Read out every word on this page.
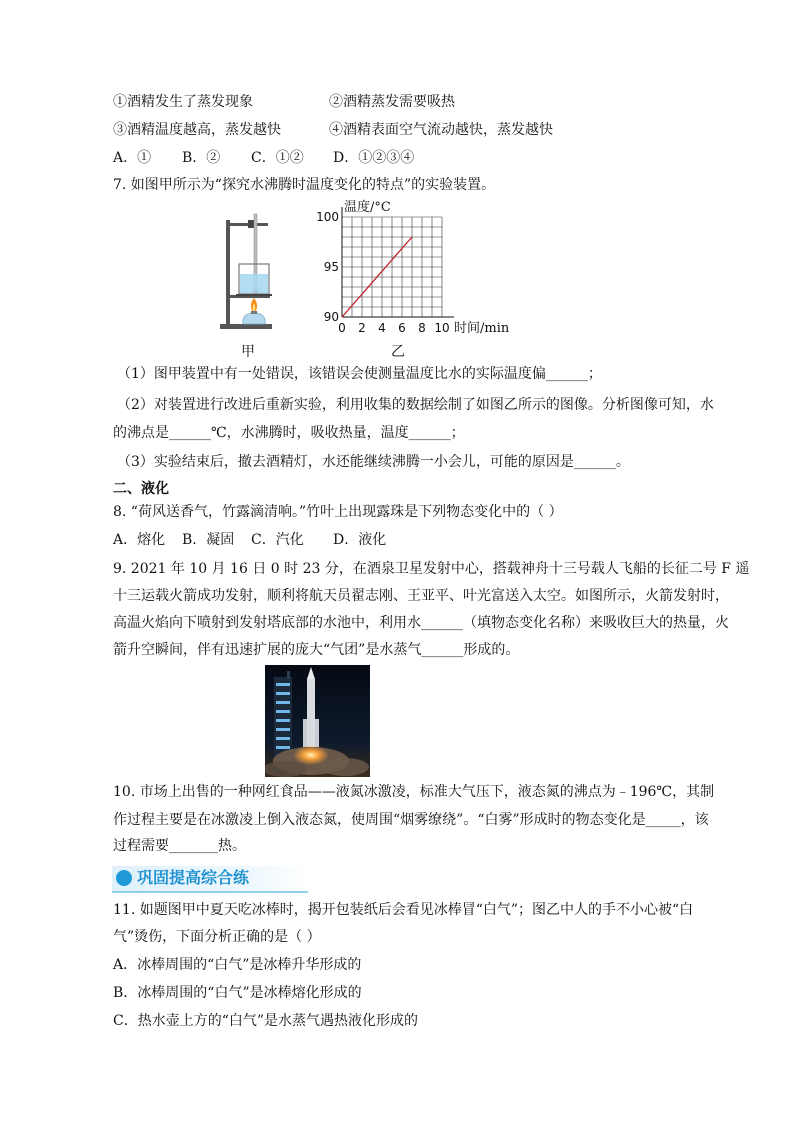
①酒精发生了蒸发现象	②酒精蒸发需要吸热
③酒精温度越高，蒸发越快	④酒精表面空气流动越快，蒸发越快
A．① B．② C．①② D．①②③④
7. 如图甲所示为“探究水沸腾时温度变化的特点”的实验装置。
甲
0 2 4 6 8 10
90
95
100
温度/°C
时间/min
乙
（1）图甲装置中有一处错误，该错误会使测量温度比水的实际温度偏______；
（2）对装置进行改进后重新实验，利用收集的数据绘制了如图乙所示的图像。分析图像可知，水
的沸点是______℃，水沸腾时，吸收热量，温度______；
（3）实验结束后，撤去酒精灯，水还能继续沸腾一小会儿，可能的原因是______。
二、液化
8. “荷风送香气，竹露滴清响。”竹叶上出现露珠是下列物态变化中的（ ）
A．熔化 B．凝固 C．汽化 D．液化
9. 2021 年 10 月 16 日 0 时 23 分，在酒泉卫星发射中心，搭载神舟十三号载人飞船的长征二号 F 遥
十三运载火箭成功发射，顺利将航天员翟志刚、王亚平、叶光富送入太空。如图所示，火箭发射时，
高温火焰向下喷射到发射塔底部的水池中，利用水______（填物态变化名称）来吸收巨大的热量，火
箭升空瞬间，伴有迅速扩展的庞大“气团”是水蒸气______形成的。
10. 市场上出售的一种网红食品——液氮冰激凌，标准大气压下，液态氮的沸点为﹣196℃，其制
作过程主要是在冰激凌上倒入液态氮，使周围“烟雾缭绕”。“白雾”形成时的物态变化是_____，该
过程需要_______热。
巩固提高综合练
11. 如题图甲中夏天吃冰棒时，揭开包装纸后会看见冰棒冒“白气”；图乙中人的手不小心被“白
气”烫伤，下面分析正确的是（ ）
A．冰棒周围的“白气”是冰棒升华形成的
B．冰棒周围的“白气”是冰棒熔化形成的
C．热水壶上方的“白气”是水蒸气遇热液化形成的
